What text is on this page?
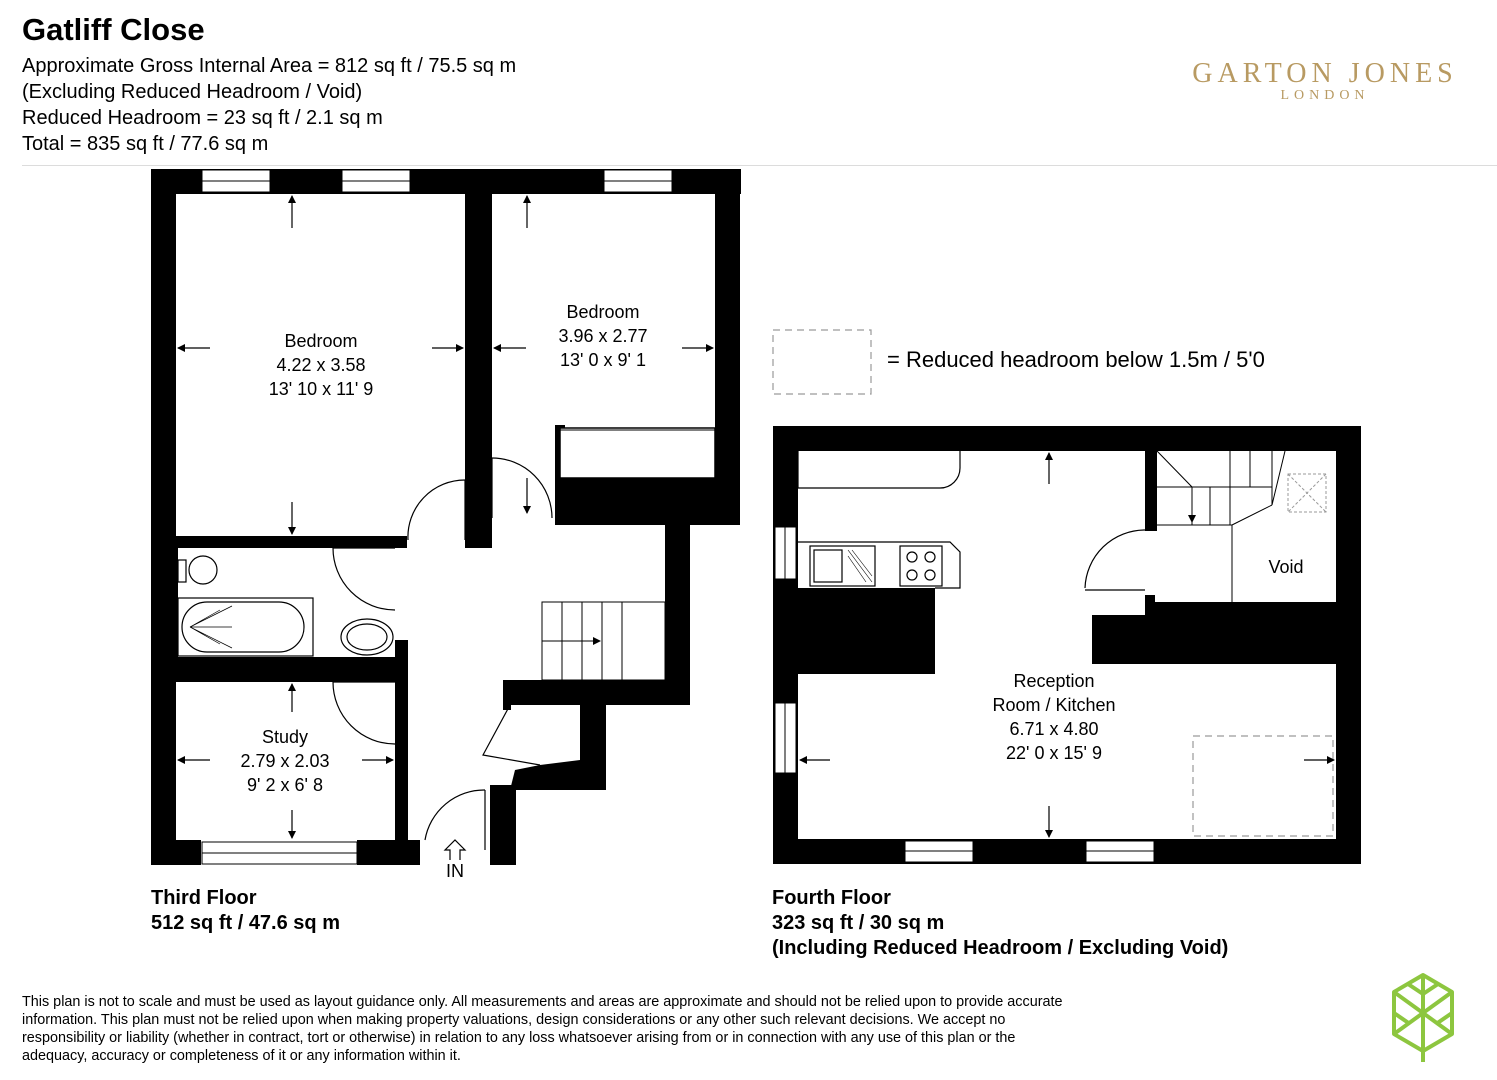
Gatliff Close
Approximate Gross Internal Area = 812 sq ft / 75.5 sq m
(Excluding Reduced Headroom / Void)
Reduced Headroom = 23 sq ft / 2.1 sq m
Total = 835 sq ft / 77.6 sq m
GARTON JONES
LONDON
Bedroom
4.22 x 3.58
13' 10 x 11' 9
Bedroom
3.96 x 2.77
13' 0 x 9' 1
Study
2.79 x 2.03
9' 2 x 6' 8
IN
= Reduced headroom below 1.5m / 5'0
Reception
Room / Kitchen
6.71 x 4.80
22' 0 x 15' 9
Void
Third Floor
512 sq ft / 47.6 sq m
Fourth Floor
323 sq ft / 30 sq m
(Including Reduced Headroom / Excluding Void)
This plan is not to scale and must be used as layout guidance only. All measurements and areas are approximate and should not be relied upon to provide accurate information. This plan must not be relied upon when making property valuations, design considerations or any other such relevant decisions. We accept no responsibility or liability (whether in contract, tort or otherwise) in relation to any loss whatsoever arising from or in connection with any use of this plan or the adequacy, accuracy or completeness of it or any information within it.
